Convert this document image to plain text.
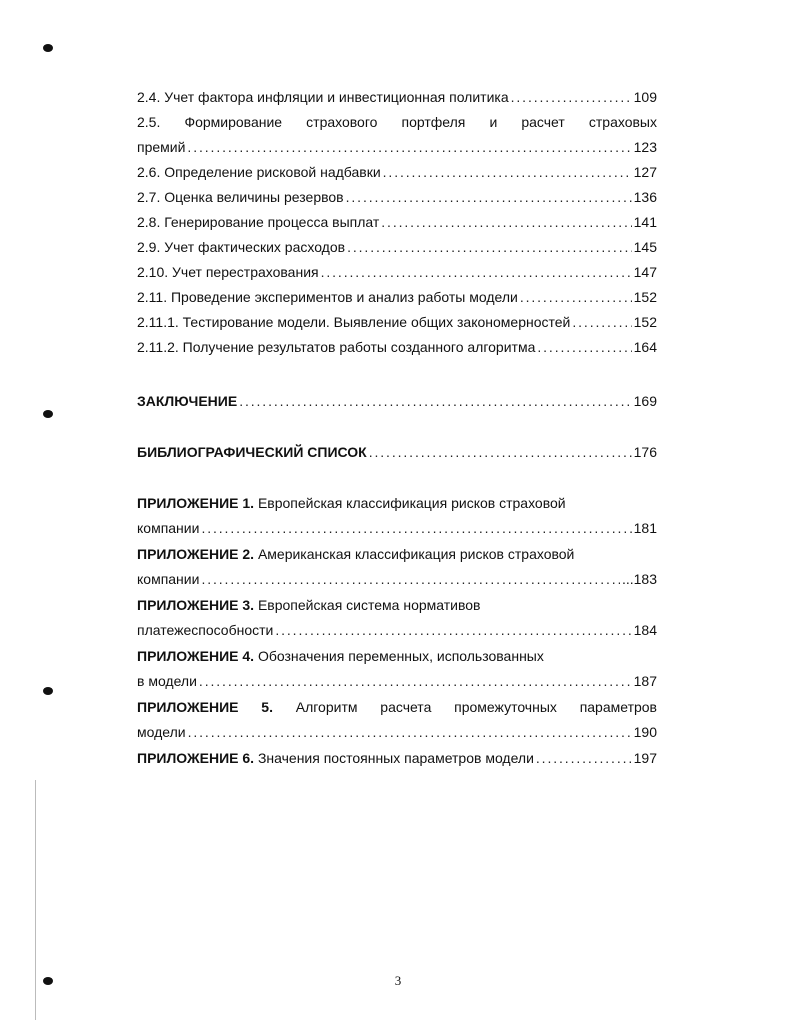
2.4. Учет фактора инфляции и инвестиционная политика . . .	109
2.5. Формирование страхового портфеля и расчет страховых
премий . . .	123
2.6. Определение рисковой надбавки . . .	127
2.7. Оценка величины резервов . . .	136
2.8. Генерирование процесса выплат . . .	141
2.9. Учет фактических расходов . . .	145
2.10. Учет перестрахования . . .	147
2.11. Проведение экспериментов и анализ работы модели . . .	152
2.11.1. Тестирование модели. Выявление общих закономерностей . . .	152
2.11.2. Получение результатов работы созданного алгоритма . . .	164
ЗАКЛЮЧЕНИЕ . . .	169
БИБЛИОГРАФИЧЕСКИЙ СПИСОК . . .	176
ПРИЛОЖЕНИЕ 1. Европейская классификация рисков страховой
компании . . .	181
ПРИЛОЖЕНИЕ 2. Американская классификация рисков страховой
компании . . .	...183
ПРИЛОЖЕНИЕ 3. Европейская система нормативов
платежеспособности . . .	184
ПРИЛОЖЕНИЕ 4. Обозначения переменных, использованных
в модели . . .	187
ПРИЛОЖЕНИЕ 5. Алгоритм расчета промежуточных параметров
модели . . .	190
ПРИЛОЖЕНИЕ 6. Значения постоянных параметров модели . . .	197
3
